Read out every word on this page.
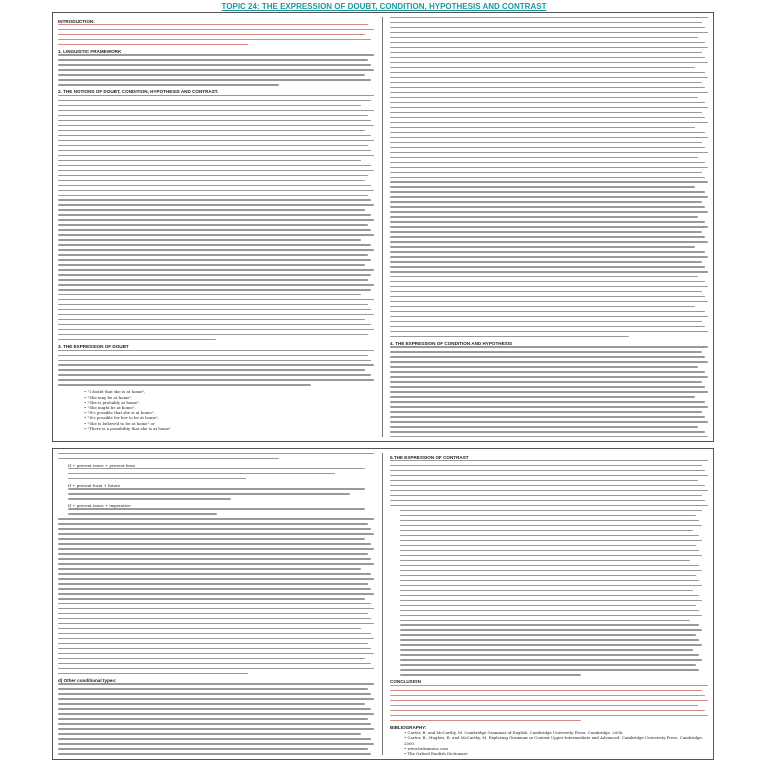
TOPIC 24: THE EXPRESSION OF DOUBT, CONDITION, HYPOTHESIS AND CONTRAST
INTRODUCTION:
1. LINGUISTIC FRAMEWORK
2. THE NOTIONS OF DOUBT, CONDITION, HYPOTHESIS AND CONTRAST.
3. THE EXPRESSION OF DOUBT
• "I doubt that she is at home",
• "She may be at home",
• "She is probably at home",
• "She might be at home",
• "It's possible that she is at home",
• "It's possible for her to be at home",
• "She is believed to be at home" or
• "There is a possibility that she is at home"
4. THE EXPRESSION OF CONDITION AND HYPOTHESIS
If + present tense + present form
If + present form + future
If + present tense + imperative
d) Other conditional types:
5.THE EXPRESSION OF CONTRAST
CONCLUSION
BIBLIOGRAPHY:
• Carter, R. and McCarthy, M. Cambridge Grammar of English. Cambridge University Press. Cambridge. 2006.
• Carter, R., Hughes, R. and McCarthy, M. Exploring Grammar in Context Upper-Intermediate and Advanced. Cambridge University Press. Cambridge. 2000.
• www.britannica.com
• The Oxford English Dictionary
